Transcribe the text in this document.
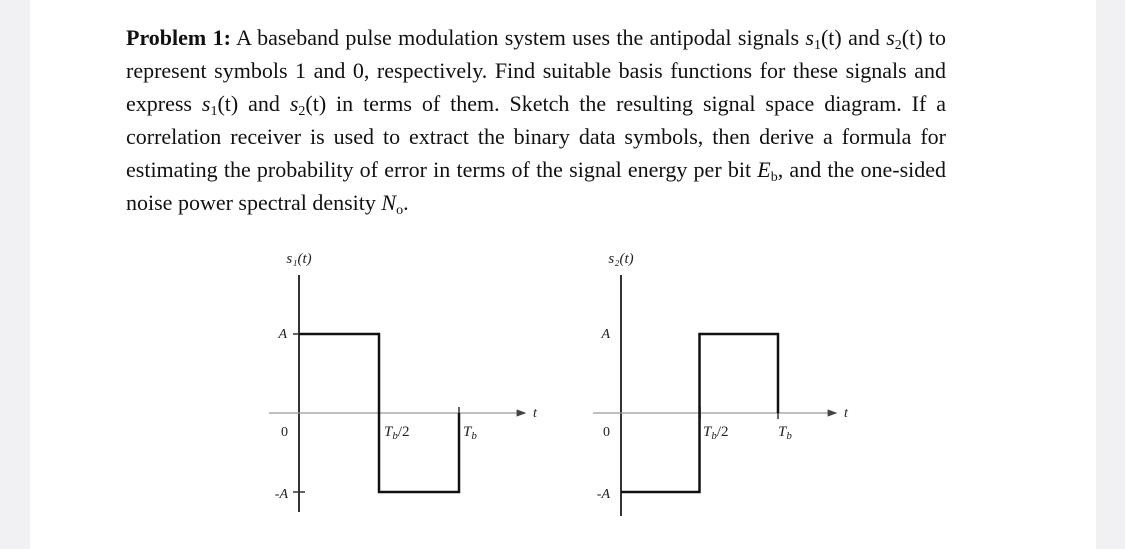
Problem 1: A baseband pulse modulation system uses the antipodal signals $s_1(t)$ and $s_2(t)$ to represent symbols 1 and 0, respectively. Find suitable basis functions for these signals and express $s_1(t)$ and $s_2(t)$ in terms of them. Sketch the resulting signal space diagram. If a correlation receiver is used to extract the binary data symbols, then derive a formula for estimating the probability of error in terms of the signal energy per bit $E_b$, and the one-sided noise power spectral density $N_o$.

s₁(t)
A
0
-A
$T_b/2$	$T_b$
t
s₂(t)
A
0
-A
$T_b/2$	$T_b$
t
